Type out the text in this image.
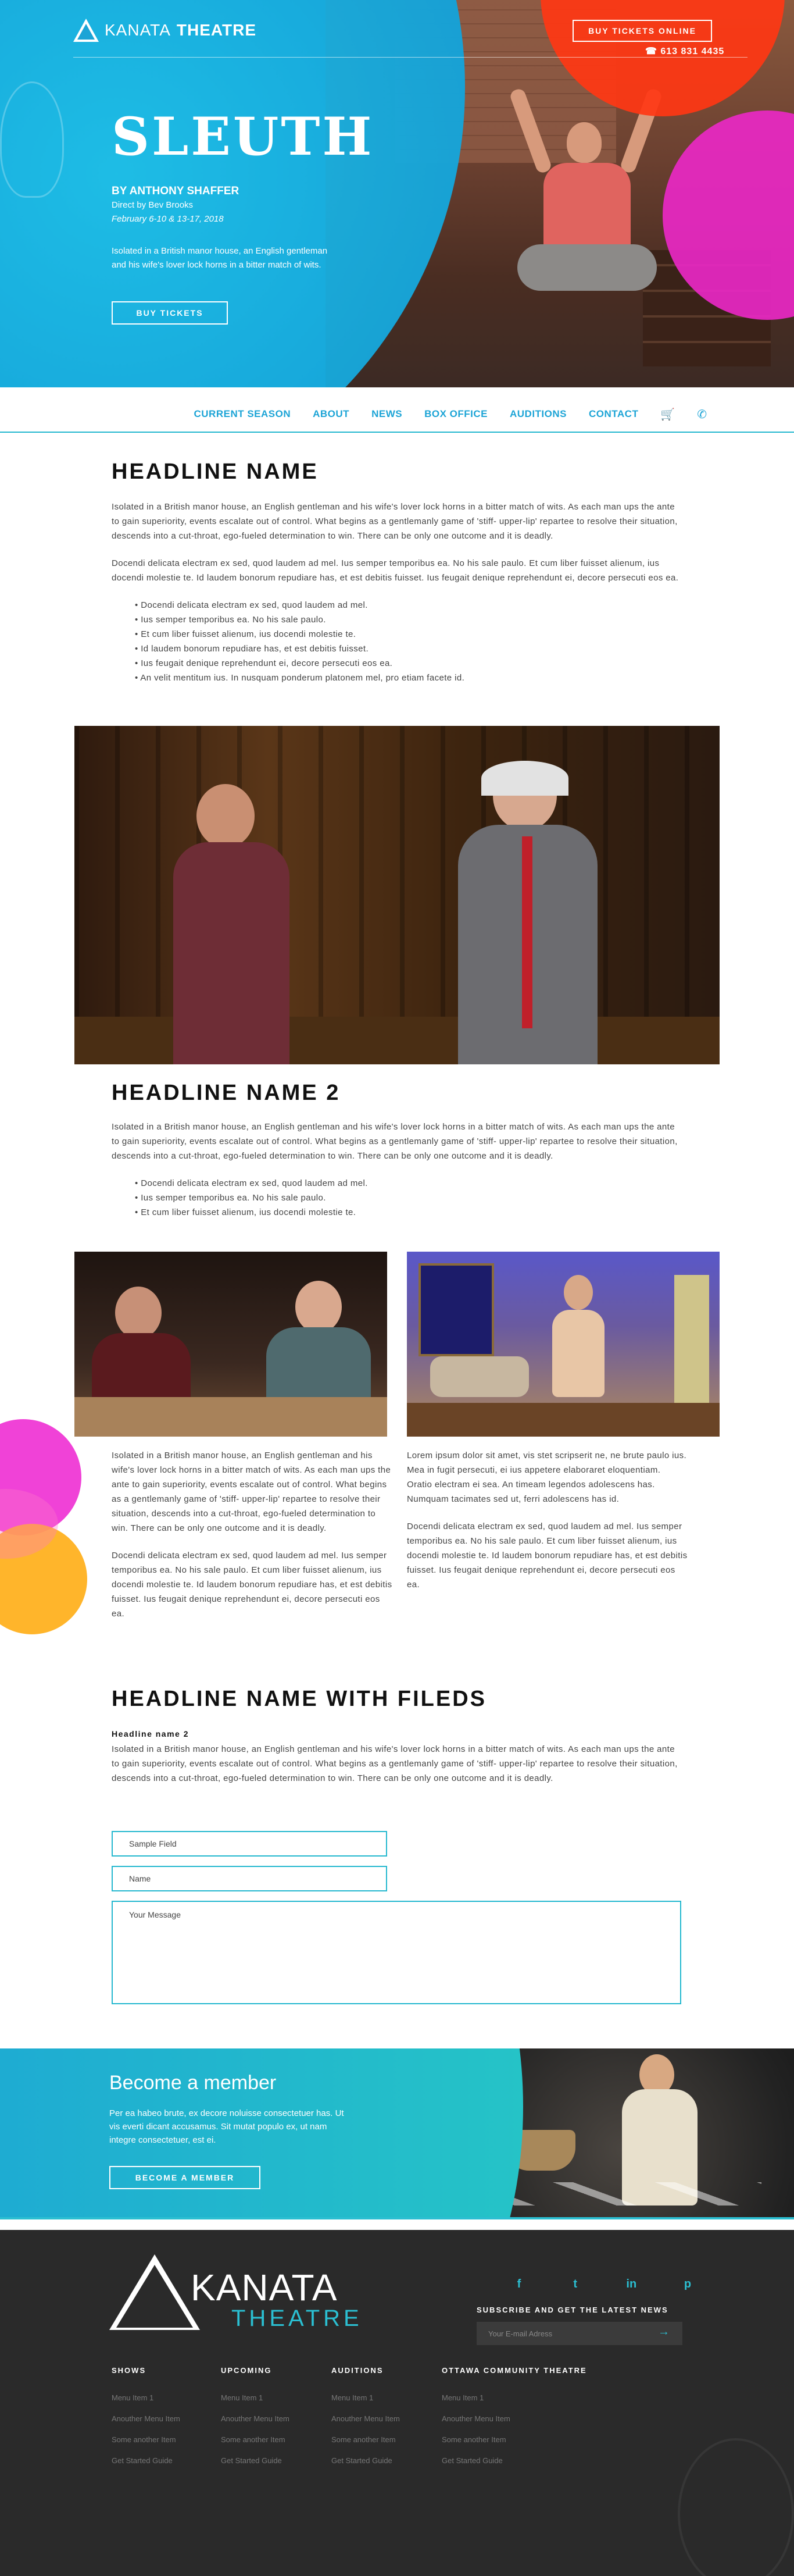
KANATA THEATRE	BUY TICKETS ONLINE
☎ 613 831 4435
SLEUTH
BY ANTHONY SHAFFER
Direct by Bev Brooks
February 6-10 & 13-17, 2018

Isolated in a British manor house, an English gentleman and his wife's lover lock horns in a bitter match of wits.

BUY TICKETS
CURRENT SEASON ABOUT NEWS BOX OFFICE AUDITIONS CONTACT 🛒 ✆
HEADLINE NAME

Isolated in a British manor house, an English gentleman and his wife's lover lock horns in a bitter match of wits. As each man ups the ante to gain superiority, events escalate out of control. What begins as a gentlemanly game of 'stiff- upper-lip' repartee to resolve their situation, descends into a cut-throat, ego-fueled determination to win. There can be only one outcome and it is deadly.

Docendi delicata electram ex sed, quod laudem ad mel. Ius semper temporibus ea. No his sale paulo. Et cum liber fuisset alienum, ius docendi molestie te. Id laudem bonorum repudiare has, et est debitis fuisset. Ius feugait denique reprehendunt ei, decore persecuti eos ea.

• Docendi delicata electram ex sed, quod laudem ad mel.
• Ius semper temporibus ea. No his sale paulo.
• Et cum liber fuisset alienum, ius docendi molestie te.
• Id laudem bonorum repudiare has, et est debitis fuisset.
• Ius feugait denique reprehendunt ei, decore persecuti eos ea.
• An velit mentitum ius. In nusquam ponderum platonem mel, pro etiam facete id.
HEADLINE NAME 2

Isolated in a British manor house, an English gentleman and his wife's lover lock horns in a bitter match of wits. As each man ups the ante to gain superiority, events escalate out of control. What begins as a gentlemanly game of 'stiff- upper-lip' repartee to resolve their situation, descends into a cut-throat, ego-fueled determination to win. There can be only one outcome and it is deadly.

• Docendi delicata electram ex sed, quod laudem ad mel.
• Ius semper temporibus ea. No his sale paulo.
• Et cum liber fuisset alienum, ius docendi molestie te.

Isolated in a British manor house, an English gentleman and his wife's lover lock horns in a bitter match of wits. As each man ups the ante to gain superiority, events escalate out of control. What begins as a gentlemanly game of 'stiff- upper-lip' repartee to resolve their situation, descends into a cut-throat, ego-fueled determination to win. There can be only one outcome and it is deadly.

Docendi delicata electram ex sed, quod laudem ad mel. Ius semper temporibus ea. No his sale paulo. Et cum liber fuisset alienum, ius docendi molestie te. Id laudem bonorum repudiare has, et est debitis fuisset. Ius feugait denique reprehendunt ei, decore persecuti eos ea.

Lorem ipsum dolor sit amet, vis stet scripserit ne, ne brute paulo ius. Mea in fugit persecuti, ei ius appetere elaboraret eloquentiam. Oratio electram ei sea. An timeam legendos adolescens has. Numquam tacimates sed ut, ferri adolescens has id.

Docendi delicata electram ex sed, quod laudem ad mel. Ius semper temporibus ea. No his sale paulo. Et cum liber fuisset alienum, ius docendi molestie te. Id laudem bonorum repudiare has, et est debitis fuisset. Ius feugait denique reprehendunt ei, decore persecuti eos ea.

HEADLINE NAME WITH FILEDS
Headline name 2

Isolated in a British manor house, an English gentleman and his wife's lover lock horns in a bitter match of wits. As each man ups the ante to gain superiority, events escalate out of control. What begins as a gentlemanly game of 'stiff- upper-lip' repartee to resolve their situation, descends into a cut-throat, ego-fueled determination to win. There can be only one outcome and it is deadly.

Sample Field
Name
Your Message
Become a member

Per ea habeo brute, ex decore noluisse consectetuer has. Ut vis everti dicant accusamus. Sit mutat populo ex, ut nam integre consectetuer, est ei.

BECOME A MEMBER
KANATA
THEATRE
f	t	in	p
SUBSCRIBE AND GET THE LATEST NEWS
Your E-mail Adress	→
SHOWS
Menu Item 1
Anouther Menu Item
Some another Item
Get Started Guide
UPCOMING
Menu Item 1
Anouther Menu Item
Some another Item
Get Started Guide
AUDITIONS
Menu Item 1
Anouther Menu Item
Some another Item
Get Started Guide
OTTAWA COMMUNITY THEATRE
Menu Item 1
Anouther Menu Item
Some another Item
Get Started Guide
